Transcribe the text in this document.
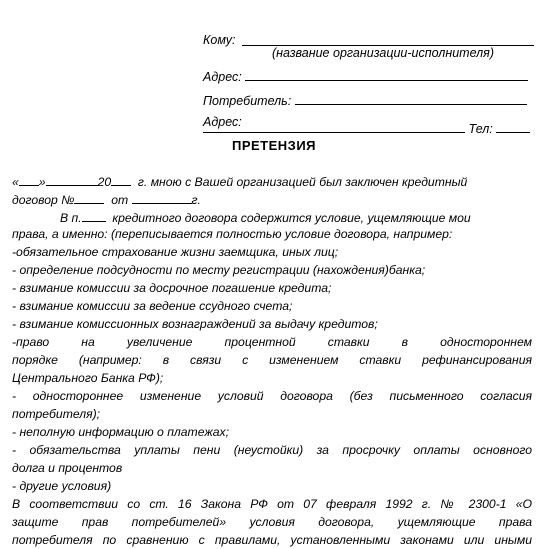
Кому:
(название организации-исполнителя)
Адрес:
Потребитель:
Адрес:	Тел:
ПРЕТЕНЗИЯ
« »	20 г. мною с Вашей организацией был заключен кредитный
договор №	от	г.
В п.	кредитного договора содержится условие, ущемляющие мои
права, а именно: (переписывается полностью условие договора, например:
-обязательное страхование жизни заемщика, иных лиц;
- определение подсудности по месту регистрации (нахождения)банка;
- взимание комиссии за досрочное погашение кредита;
- взимание комиссии за ведение ссудного счета;
- взимание комиссионных вознаграждений за выдачу кредитов;
-право на увеличение процентной ставки в одностороннем
порядке (например: в связи с изменением ставки рефинансирования
Центрального Банка РФ);
- одностороннее изменение условий договора (без письменного согласия
потребителя);
- неполную информацию о платежах;
- обязательства уплаты пени (неустойки) за просрочку оплаты основного
долга и процентов
- другие условия)
В соответствии со ст. 16 Закона РФ от 07 февраля 1992 г. № 2300-1 «О
защите прав потребителей» условия договора, ущемляющие права
потребителя по сравнению с правилами, установленными законами или иными
